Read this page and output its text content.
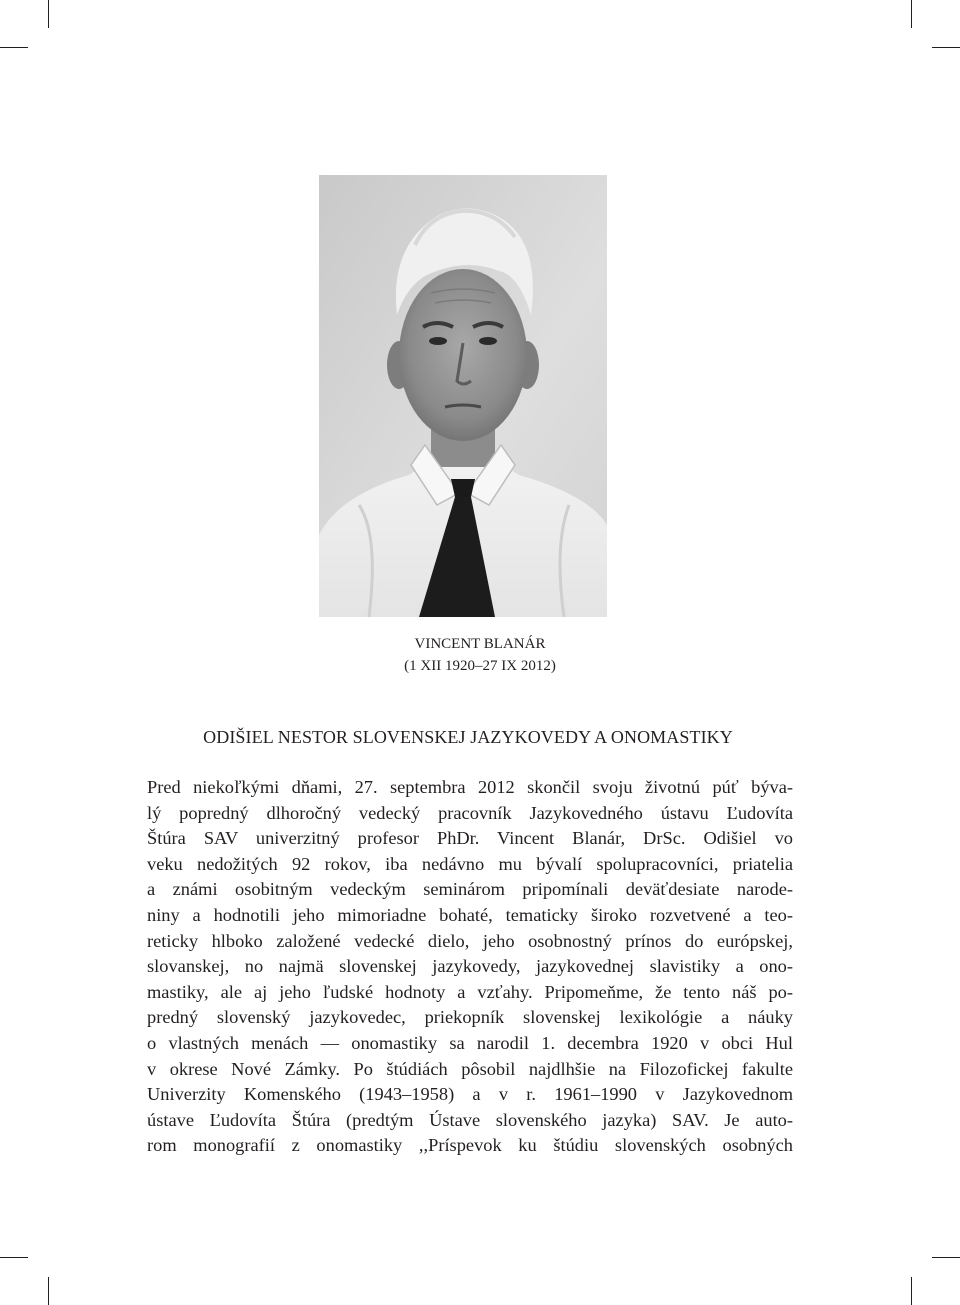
VINCENT BLANÁR
(1 XII 1920–27 IX 2012)
ODIŠIEL NESTOR SLOVENSKEJ JAZYKOVEDY A ONOMASTIKY
Pred niekoľkými dňami, 27. septembra 2012 skončil svoju životnú púť býva-
lý popredný dlhoročný vedecký pracovník Jazykovedného ústavu Ľudovíta
Štúra SAV univerzitný profesor PhDr. Vincent Blanár, DrSc. Odišiel vo
veku nedožitých 92 rokov, iba nedávno mu bývalí spolupracovníci, priatelia
a známi osobitným vedeckým seminárom pripomínali deväťdesiate narode-
niny a hodnotili jeho mimoriadne bohaté, tematicky široko rozvetvené a teo-
reticky hlboko založené vedecké dielo, jeho osobnostný prínos do európskej,
slovanskej, no najmä slovenskej jazykovedy, jazykovednej slavistiky a ono-
mastiky, ale aj jeho ľudské hodnoty a vzťahy. Pripomeňme, že tento náš po-
predný slovenský jazykovedec, priekopník slovenskej lexikológie a náuky
o vlastných menách — onomastiky sa narodil 1. decembra 1920 v obci Hul
v okrese Nové Zámky. Po štúdiách pôsobil najdlhšie na Filozofickej fakulte
Univerzity Komenského (1943–1958) a v r. 1961–1990 v Jazykovednom
ústave Ľudovíta Štúra (predtým Ústave slovenského jazyka) SAV. Je auto-
rom monografií z onomastiky ,,Príspevok ku štúdiu slovenských osobných
